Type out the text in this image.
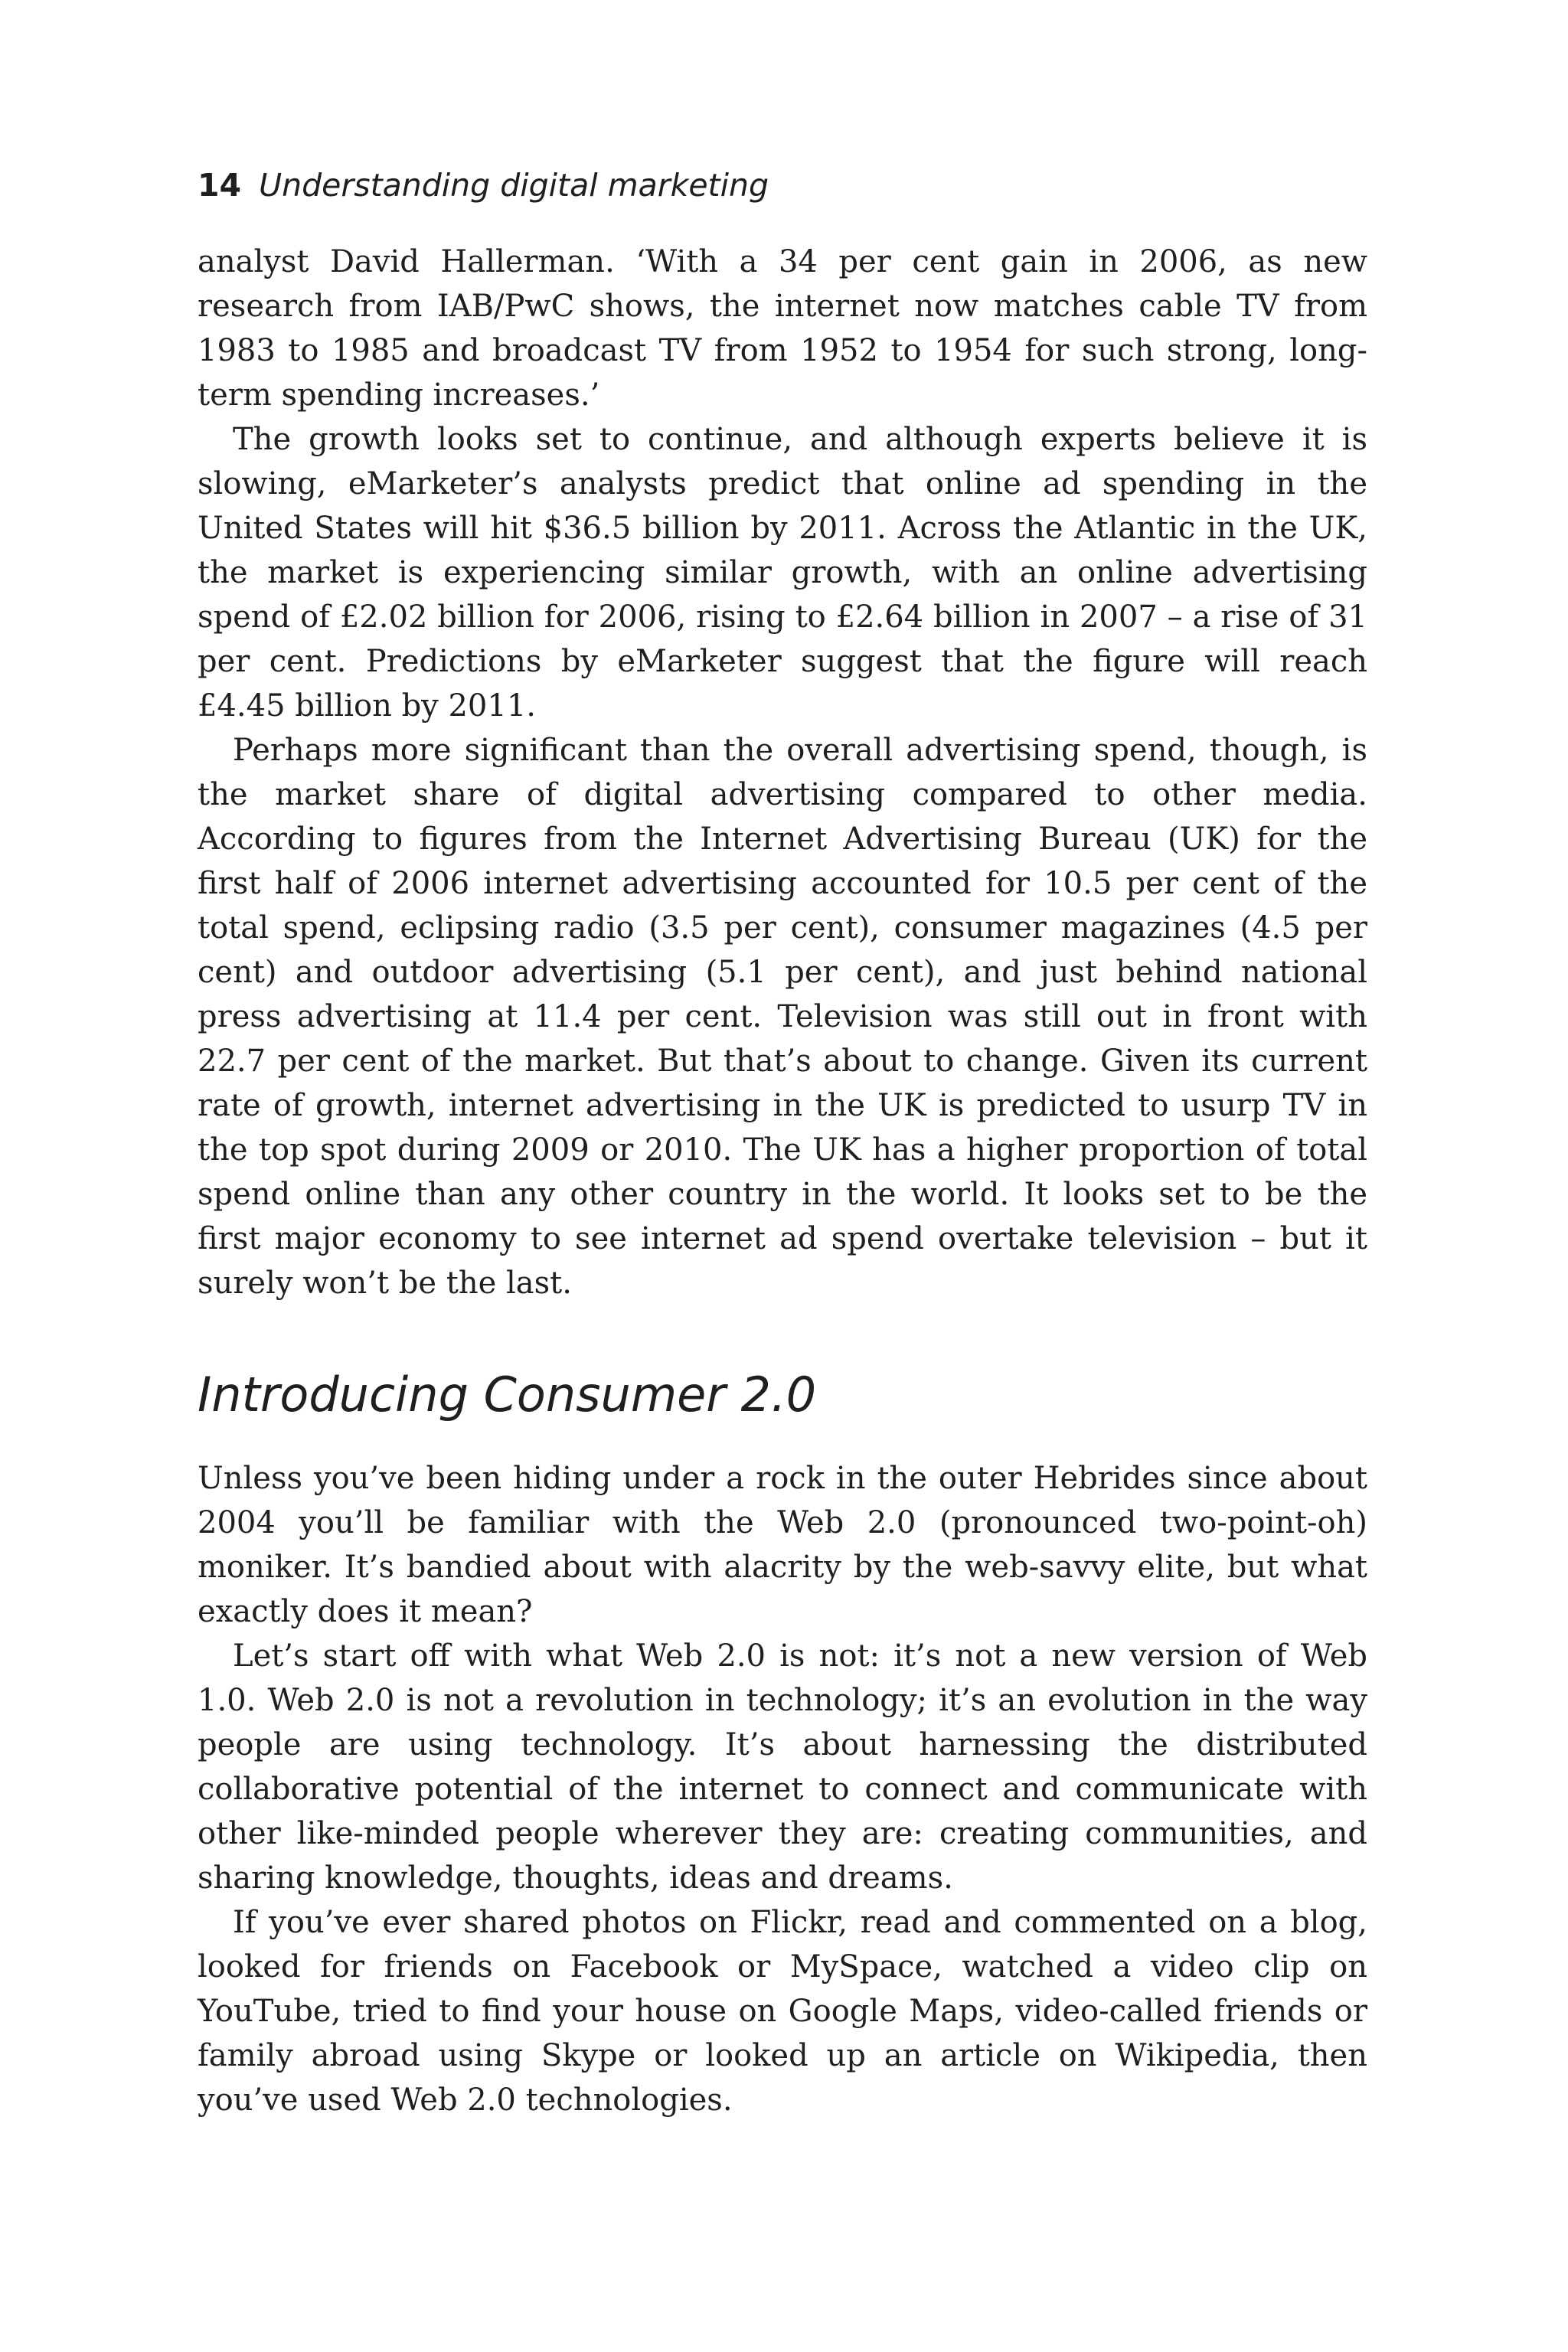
14 Understanding digital marketing

analyst David Hallerman. ‘With a 34 per cent gain in 2006, as new research from IAB/PwC shows, the internet now matches cable TV from 1983 to 1985 and broadcast TV from 1952 to 1954 for such strong, long-term spending increases.’

The growth looks set to continue, and although experts believe it is slowing, eMarketer’s analysts predict that online ad spending in the United States will hit $36.5 billion by 2011. Across the Atlantic in the UK, the market is experiencing similar growth, with an online advertising spend of £2.02 billion for 2006, rising to £2.64 billion in 2007 – a rise of 31 per cent. Predictions by eMarketer suggest that the figure will reach £4.45 billion by 2011.

Perhaps more significant than the overall advertising spend, though, is the market share of digital advertising compared to other media. According to figures from the Internet Advertising Bureau (UK) for the first half of 2006 internet advertising accounted for 10.5 per cent of the total spend, eclipsing radio (3.5 per cent), consumer magazines (4.5 per cent) and outdoor advertising (5.1 per cent), and just behind national press advertising at 11.4 per cent. Television was still out in front with 22.7 per cent of the market. But that’s about to change. Given its current rate of growth, internet advertising in the UK is predicted to usurp TV in the top spot during 2009 or 2010. The UK has a higher proportion of total spend online than any other country in the world. It looks set to be the first major economy to see internet ad spend overtake television – but it surely won’t be the last.

Introducing Consumer 2.0

Unless you’ve been hiding under a rock in the outer Hebrides since about 2004 you’ll be familiar with the Web 2.0 (pronounced two-point-oh) moniker. It’s bandied about with alacrity by the web-savvy elite, but what exactly does it mean?

Let’s start off with what Web 2.0 is not: it’s not a new version of Web 1.0. Web 2.0 is not a revolution in technology; it’s an evolution in the way people are using technology. It’s about harnessing the distributed collaborative potential of the internet to connect and communicate with other like-minded people wherever they are: creating communities, and sharing knowledge, thoughts, ideas and dreams.

If you’ve ever shared photos on Flickr, read and commented on a blog, looked for friends on Facebook or MySpace, watched a video clip on YouTube, tried to find your house on Google Maps, video-called friends or family abroad using Skype or looked up an article on Wikipedia, then you’ve used Web 2.0 technologies.
